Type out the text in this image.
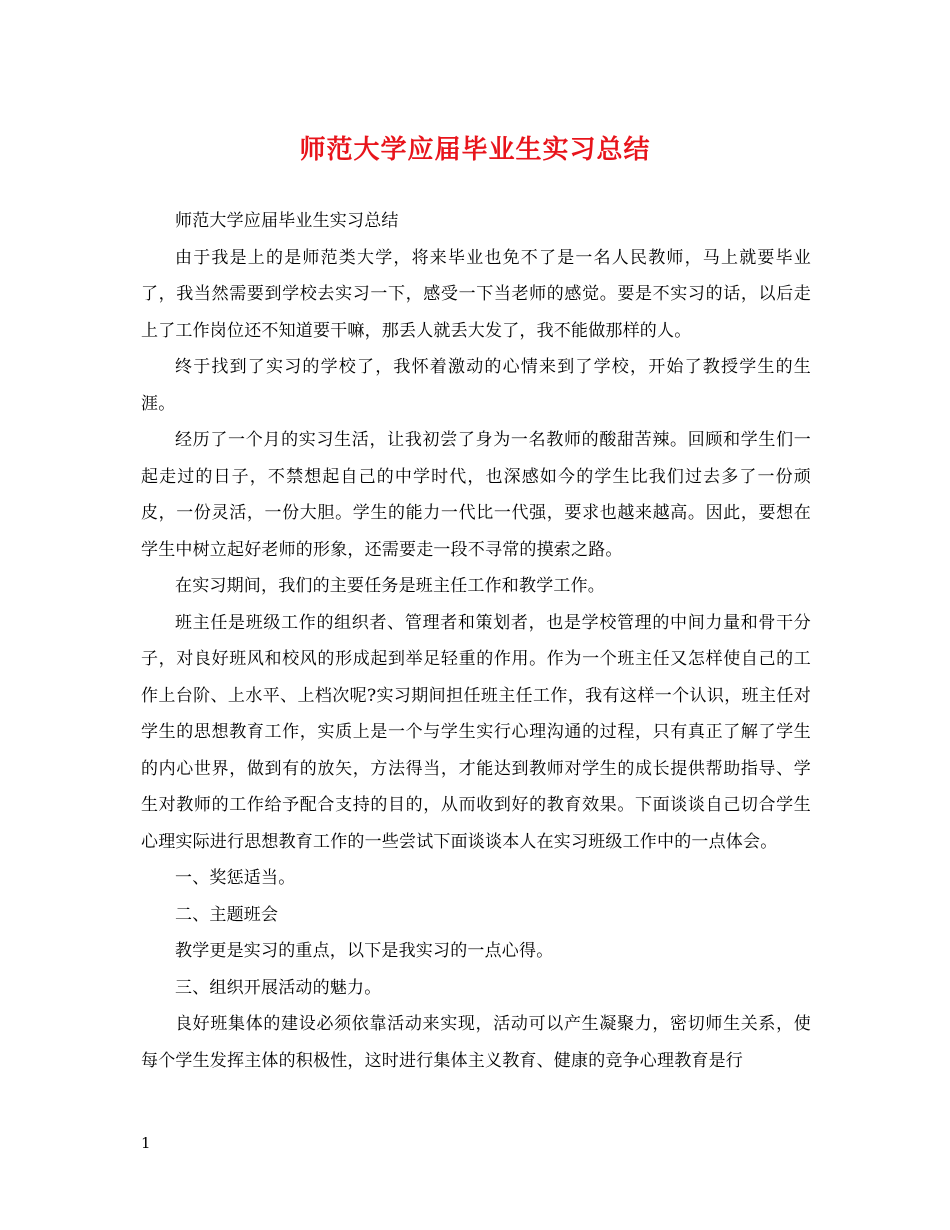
师范大学应届毕业生实习总结

师范大学应届毕业生实习总结

由于我是上的是师范类大学，将来毕业也免不了是一名人民教师，马上就要毕业了，我当然需要到学校去实习一下，感受一下当老师的感觉。要是不实习的话，以后走上了工作岗位还不知道要干嘛，那丢人就丢大发了，我不能做那样的人。

终于找到了实习的学校了，我怀着激动的心情来到了学校，开始了教授学生的生涯。

经历了一个月的实习生活，让我初尝了身为一名教师的酸甜苦辣。回顾和学生们一起走过的日子，不禁想起自己的中学时代，也深感如今的学生比我们过去多了一份顽皮，一份灵活，一份大胆。学生的能力一代比一代强，要求也越来越高。因此，要想在学生中树立起好老师的形象，还需要走一段不寻常的摸索之路。

在实习期间，我们的主要任务是班主任工作和教学工作。

班主任是班级工作的组织者、管理者和策划者，也是学校管理的中间力量和骨干分子，对良好班风和校风的形成起到举足轻重的作用。作为一个班主任又怎样使自己的工作上台阶、上水平、上档次呢?实习期间担任班主任工作，我有这样一个认识，班主任对学生的思想教育工作，实质上是一个与学生实行心理沟通的过程，只有真正了解了学生的内心世界，做到有的放矢，方法得当，才能达到教师对学生的成长提供帮助指导、学生对教师的工作给予配合支持的目的，从而收到好的教育效果。下面谈谈自己切合学生心理实际进行思想教育工作的一些尝试下面谈谈本人在实习班级工作中的一点体会。

一、奖惩适当。

二、主题班会

教学更是实习的重点，以下是我实习的一点心得。

三、组织开展活动的魅力。

良好班集体的建设必须依靠活动来实现，活动可以产生凝聚力，密切师生关系，使每个学生发挥主体的积极性，这时进行集体主义教育、健康的竞争心理教育是行

1
